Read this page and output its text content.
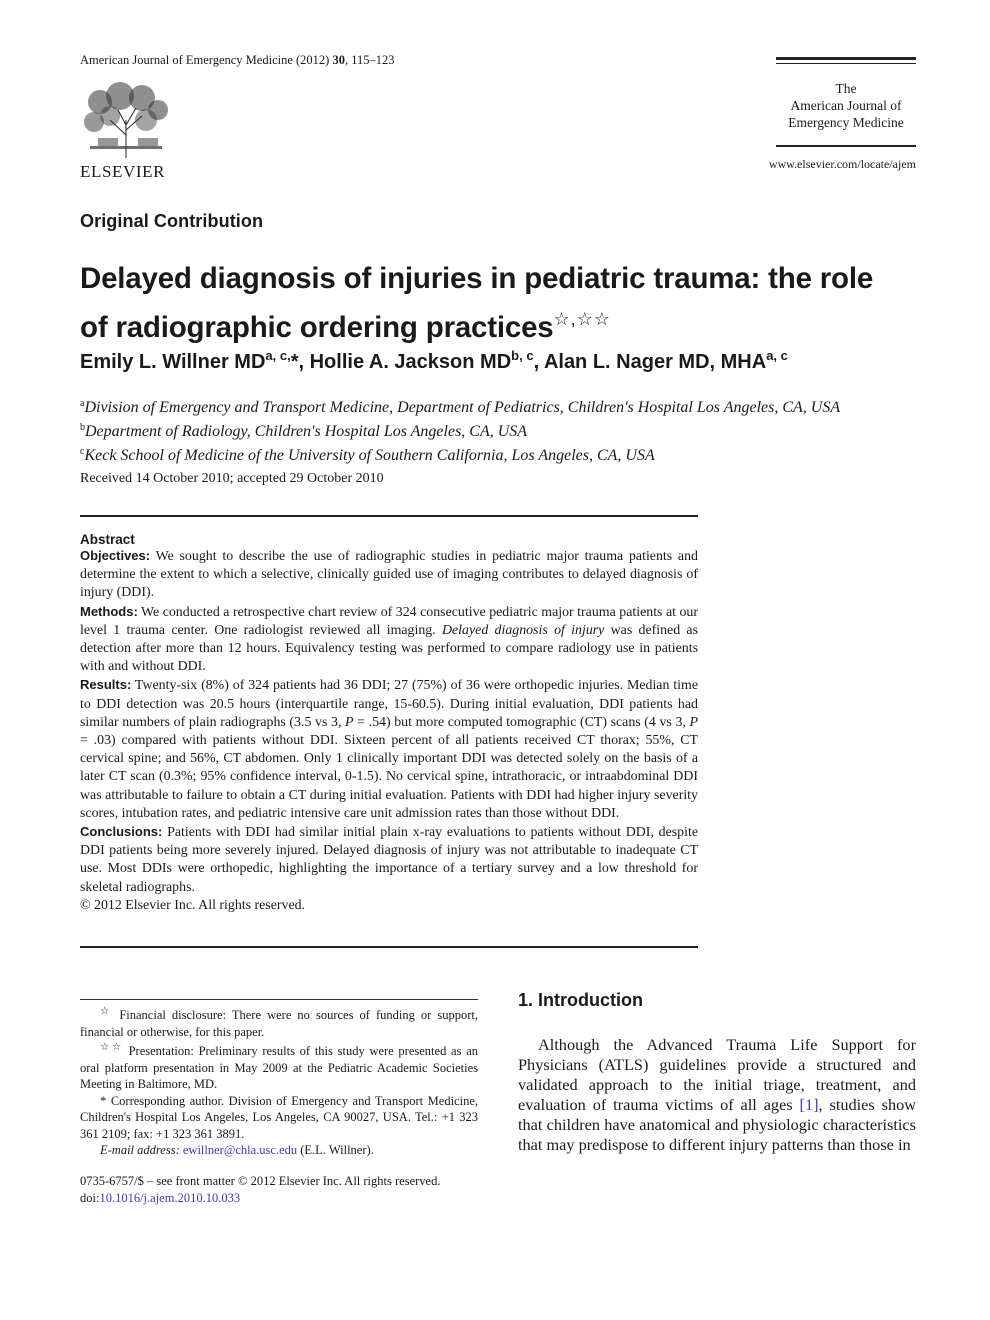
American Journal of Emergency Medicine (2012) 30, 115–123
ELSEVIER
The
American Journal of
Emergency Medicine
www.elsevier.com/locate/ajem
Original Contribution
Delayed diagnosis of injuries in pediatric trauma: the role
of radiographic ordering practices☆,☆☆
Emily L. Willner $MD^{a, c,}*$, Hollie A. Jackson MD$^{b, c}$, Alan L. Nager MD, MHA$^{a, c}$
$^a$Division of Emergency and Transport Medicine, Department of Pediatrics, Children's Hospital Los Angeles, CA, USA
$^b$Department of Radiology, Children's Hospital Los Angeles, CA, USA
$^c$Keck School of Medicine of the University of Southern California, Los Angeles, CA, USA
Received 14 October 2010; accepted 29 October 2010
Abstract
Objectives: We sought to describe the use of radiographic studies in pediatric major trauma patients and determine the extent to which a selective, clinically guided use of imaging contributes to delayed diagnosis of injury (DDI).
Methods: We conducted a retrospective chart review of 324 consecutive pediatric major trauma patients at our level 1 trauma center. One radiologist reviewed all imaging. Delayed diagnosis of injury was defined as detection after more than 12 hours. Equivalency testing was performed to compare radiology use in patients with and without DDI.
Results: Twenty-six (8%) of 324 patients had 36 DDI; 27 (75%) of 36 were orthopedic injuries. Median time to DDI detection was 20.5 hours (interquartile range, 15-60.5). During initial evaluation, DDI patients had similar numbers of plain radiographs (3.5 vs 3, P = .54) but more computed tomographic (CT) scans (4 vs 3, P = .03) compared with patients without DDI. Sixteen percent of all patients received CT thorax; 55%, CT cervical spine; and 56%, CT abdomen. Only 1 clinically important DDI was detected solely on the basis of a later CT scan (0.3%; 95% confidence interval, 0-1.5). No cervical spine, intrathoracic, or intraabdominal DDI was attributable to failure to obtain a CT during initial evaluation. Patients with DDI had higher injury severity scores, intubation rates, and pediatric intensive care unit admission rates than those without DDI.
Conclusions: Patients with DDI had similar initial plain x-ray evaluations to patients without DDI, despite DDI patients being more severely injured. Delayed diagnosis of injury was not attributable to inadequate CT use. Most DDIs were orthopedic, highlighting the importance of a tertiary survey and a low threshold for skeletal radiographs.
© 2012 Elsevier Inc. All rights reserved.
☆ Financial disclosure: There were no sources of funding or support, financial or otherwise, for this paper.
☆☆ Presentation: Preliminary results of this study were presented as an oral platform presentation in May 2009 at the Pediatric Academic Societies Meeting in Baltimore, MD.
* Corresponding author. Division of Emergency and Transport Medicine, Children's Hospital Los Angeles, Los Angeles, CA 90027, USA. Tel.: +1 323 361 2109; fax: +1 323 361 3891.
E-mail address: ewillner@chla.usc.edu (E.L. Willner).
0735-6757/$ – see front matter © 2012 Elsevier Inc. All rights reserved.
doi:10.1016/j.ajem.2010.10.033
1. Introduction
Although the Advanced Trauma Life Support for Physicians (ATLS) guidelines provide a structured and validated approach to the initial triage, treatment, and evaluation of trauma victims of all ages [1], studies show that children have anatomical and physiologic characteristics that may predispose to different injury patterns than those in
